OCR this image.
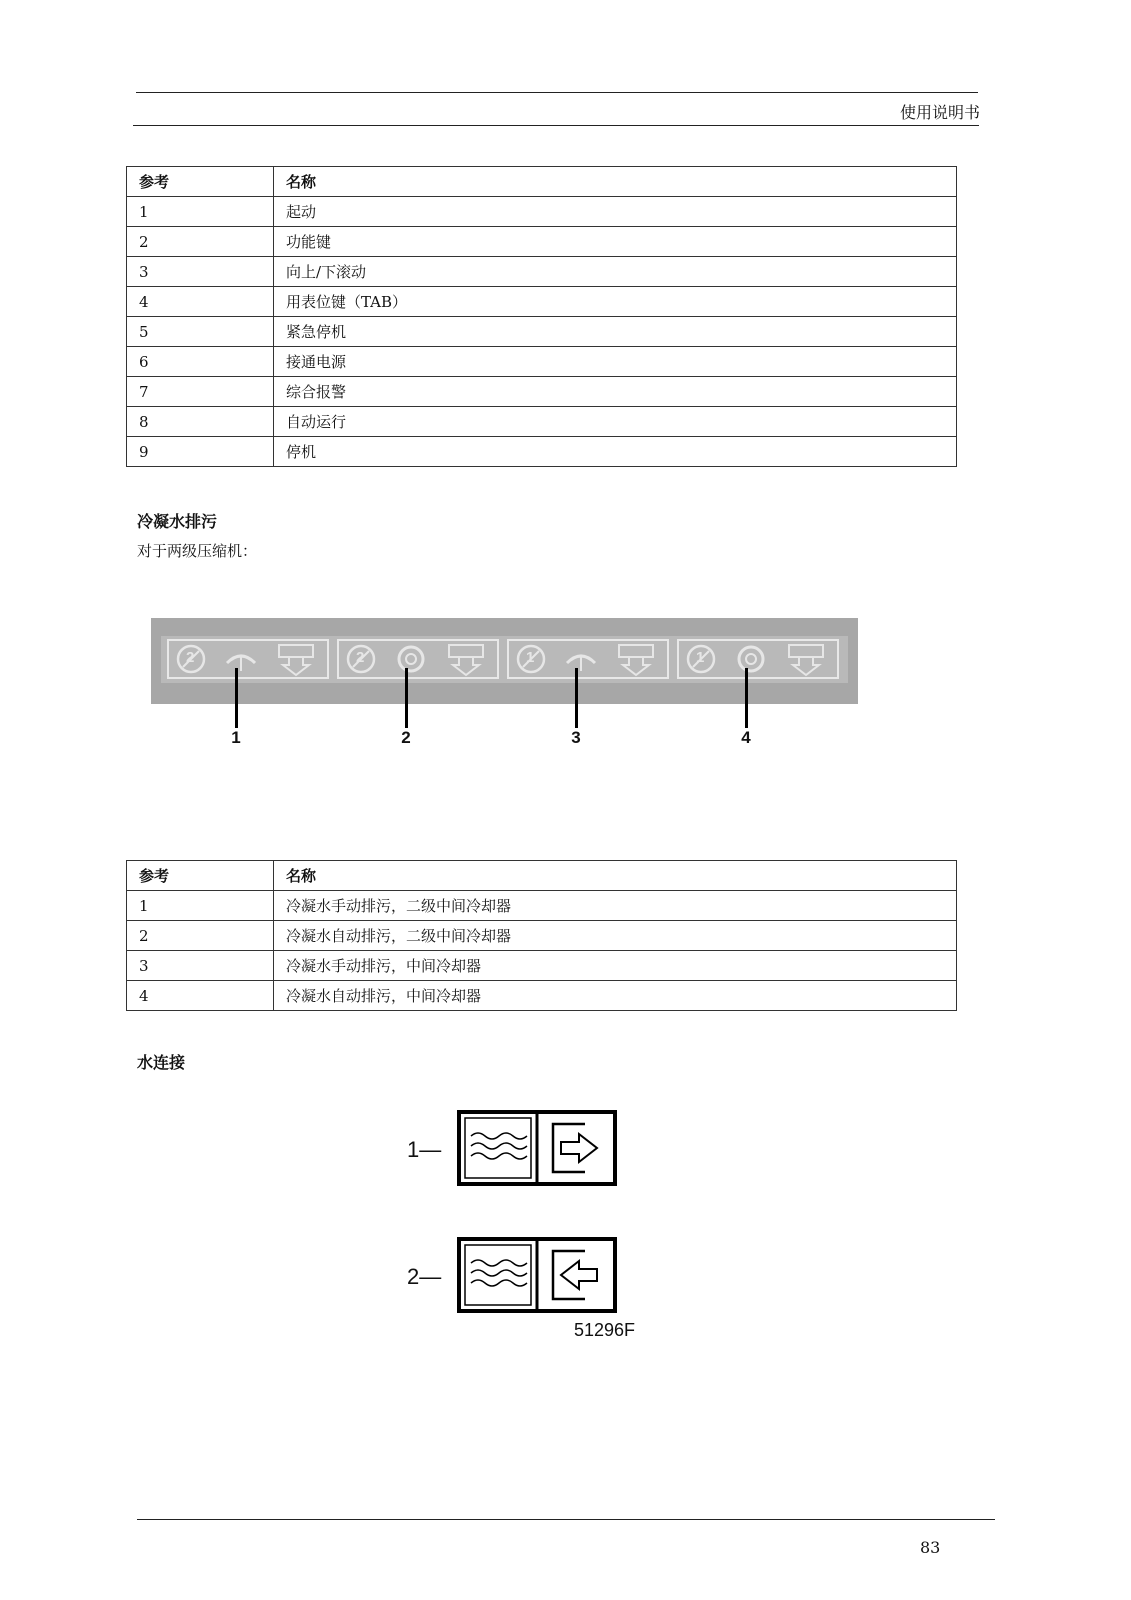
使用说明书
参考	名称
1	起动
2	功能键
3	向上/下滚动
4	用表位键（TAB）
5	紧急停机
6	接通电源
7	综合报警
8	自动运行
9	停机
冷凝水排污
对于两级压缩机：
2	2	1	1
1	2	3	4
参考	名称
1	冷凝水手动排污，二级中间冷却器
2	冷凝水自动排污，二级中间冷却器
3	冷凝水手动排污，中间冷却器
4	冷凝水自动排污，中间冷却器
水连接
1—
2—
51296F
83
